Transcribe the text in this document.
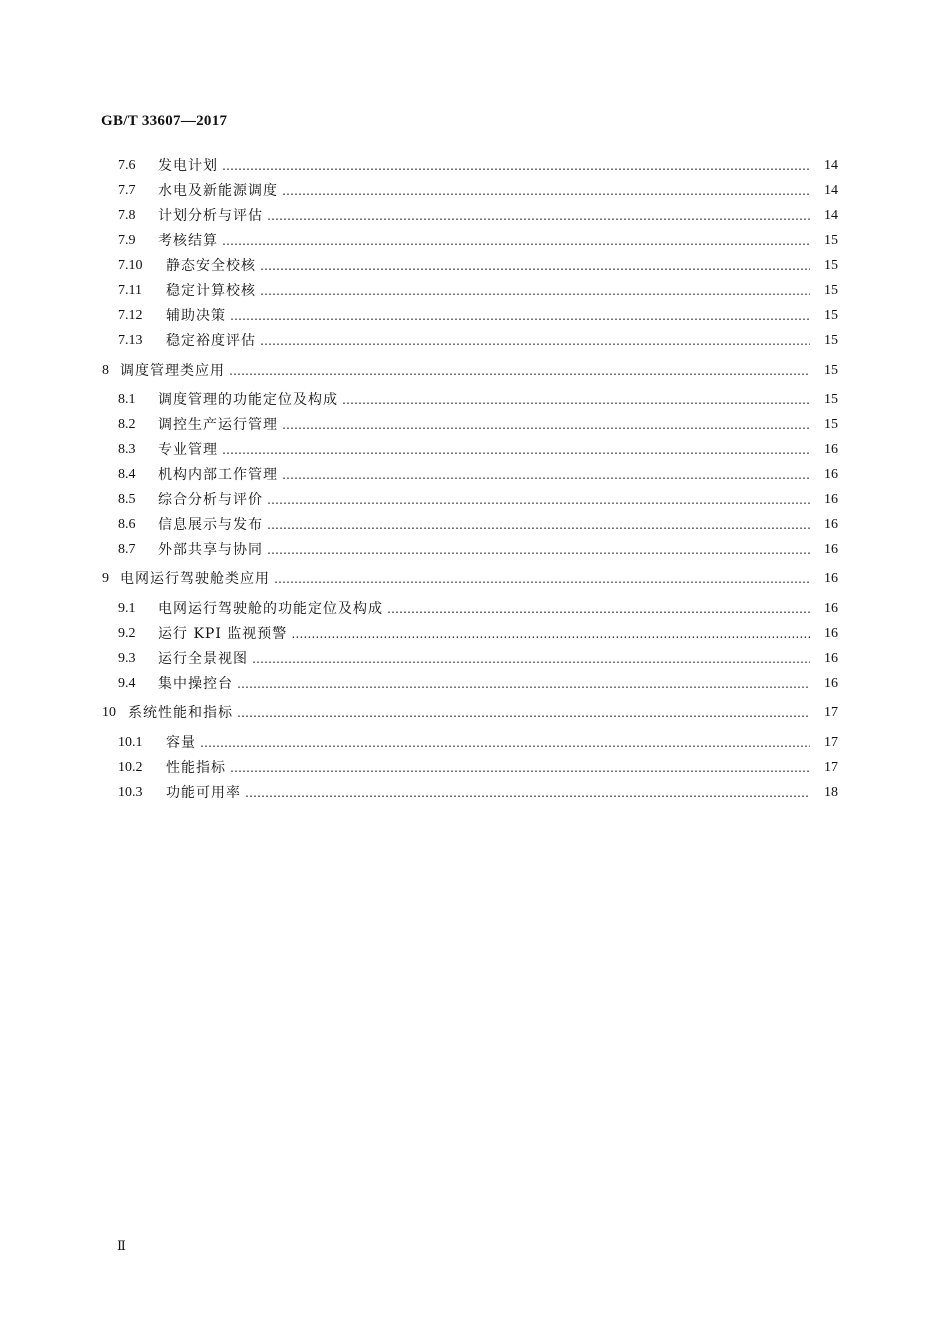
GB/T 33607—2017
7.6	发电计划 …………………………………………………………………………………………………………………………………………………………………………………………………………	14
7.7	水电及新能源调度 …………………………………………………………………………………………………………………………………………………………………………………………………………	14
7.8	计划分析与评估 …………………………………………………………………………………………………………………………………………………………………………………………………………	14
7.9	考核结算 …………………………………………………………………………………………………………………………………………………………………………………………………………	15
7.10	静态安全校核 …………………………………………………………………………………………………………………………………………………………………………………………………………	15
7.11	稳定计算校核 …………………………………………………………………………………………………………………………………………………………………………………………………………	15
7.12	辅助决策 …………………………………………………………………………………………………………………………………………………………………………………………………………	15
7.13	稳定裕度评估 …………………………………………………………………………………………………………………………………………………………………………………………………………	15
8 调度管理类应用 …………………………………………………………………………………………………………………………………………………………………………………………………………	15
8.1	调度管理的功能定位及构成 …………………………………………………………………………………………………………………………………………………………………………………………………………	15
8.2	调控生产运行管理 …………………………………………………………………………………………………………………………………………………………………………………………………………	15
8.3	专业管理 …………………………………………………………………………………………………………………………………………………………………………………………………………	16
8.4	机构内部工作管理 …………………………………………………………………………………………………………………………………………………………………………………………………………	16
8.5	综合分析与评价 …………………………………………………………………………………………………………………………………………………………………………………………………………	16
8.6	信息展示与发布 …………………………………………………………………………………………………………………………………………………………………………………………………………	16
8.7	外部共享与协同 …………………………………………………………………………………………………………………………………………………………………………………………………………	16
9 电网运行驾驶舱类应用 …………………………………………………………………………………………………………………………………………………………………………………………………………	16
9.1	电网运行驾驶舱的功能定位及构成 …………………………………………………………………………………………………………………………………………………………………………………………………………	16
9.2	运行 KPI 监视预警 …………………………………………………………………………………………………………………………………………………………………………………………………………	16
9.3	运行全景视图 …………………………………………………………………………………………………………………………………………………………………………………………………………	16
9.4	集中操控台 …………………………………………………………………………………………………………………………………………………………………………………………………………	16
10 系统性能和指标 …………………………………………………………………………………………………………………………………………………………………………………………………………	17
10.1	容量 …………………………………………………………………………………………………………………………………………………………………………………………………………	17
10.2	性能指标 …………………………………………………………………………………………………………………………………………………………………………………………………………	17
10.3	功能可用率 …………………………………………………………………………………………………………………………………………………………………………………………………………	18
Ⅱ
